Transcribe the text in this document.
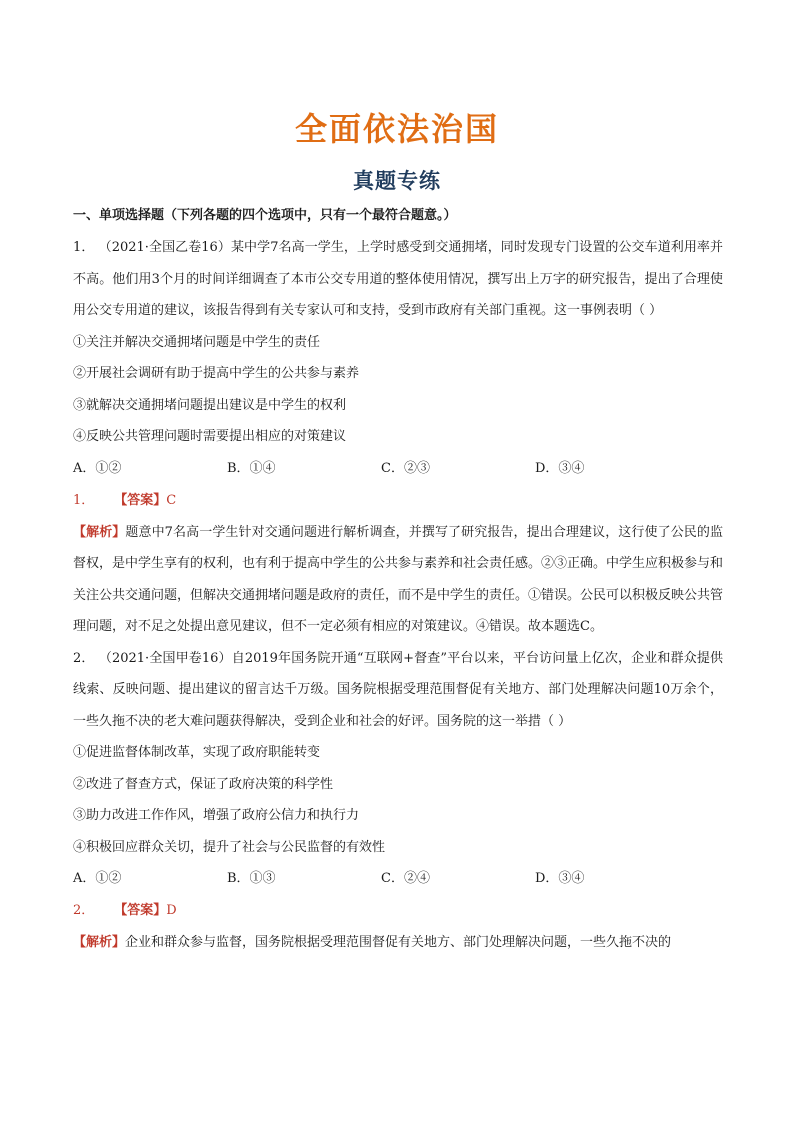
全面依法治国
真题专练
一、单项选择题（下列各题的四个选项中，只有一个最符合题意。）
1． （2021·全国乙卷16）某中学7名高一学生，上学时感受到交通拥堵，同时发现专门设置的公交车道利用率并不高。他们用3个月的时间详细调查了本市公交专用道的整体使用情况，撰写出上万字的研究报告，提出了合理使用公交专用道的建议，该报告得到有关专家认可和支持，受到市政府有关部门重视。这一事例表明（ ）
①关注并解决交通拥堵问题是中学生的责任
②开展社会调研有助于提高中学生的公共参与素养
③就解决交通拥堵问题提出建议是中学生的权利
④反映公共管理问题时需要提出相应的对策建议
A．①②	B．①④	C．②③	D．③④
1． 【答案】C
【解析】题意中7名高一学生针对交通问题进行解析调查，并撰写了研究报告，提出合理建议，这行使了公民的监督权，是中学生享有的权利，也有利于提高中学生的公共参与素养和社会责任感。②③正确。中学生应积极参与和关注公共交通问题，但解决交通拥堵问题是政府的责任，而不是中学生的责任。①错误。公民可以积极反映公共管理问题，对不足之处提出意见建议，但不一定必须有相应的对策建议。④错误。故本题选C。
2． （2021·全国甲卷16）自2019年国务院开通“互联网+督查”平台以来，平台访问量上亿次，企业和群众提供线索、反映问题、提出建议的留言达千万级。国务院根据受理范围督促有关地方、部门处理解决问题10万余个，一些久拖不决的老大难问题获得解决，受到企业和社会的好评。国务院的这一举措（ ）
①促进监督体制改革，实现了政府职能转变
②改进了督查方式，保证了政府决策的科学性
③助力改进工作作风，增强了政府公信力和执行力
④积极回应群众关切，提升了社会与公民监督的有效性
A．①②	B．①③	C．②④	D．③④
2． 【答案】D
【解析】企业和群众参与监督，国务院根据受理范围督促有关地方、部门处理解决问题，一些久拖不决的
